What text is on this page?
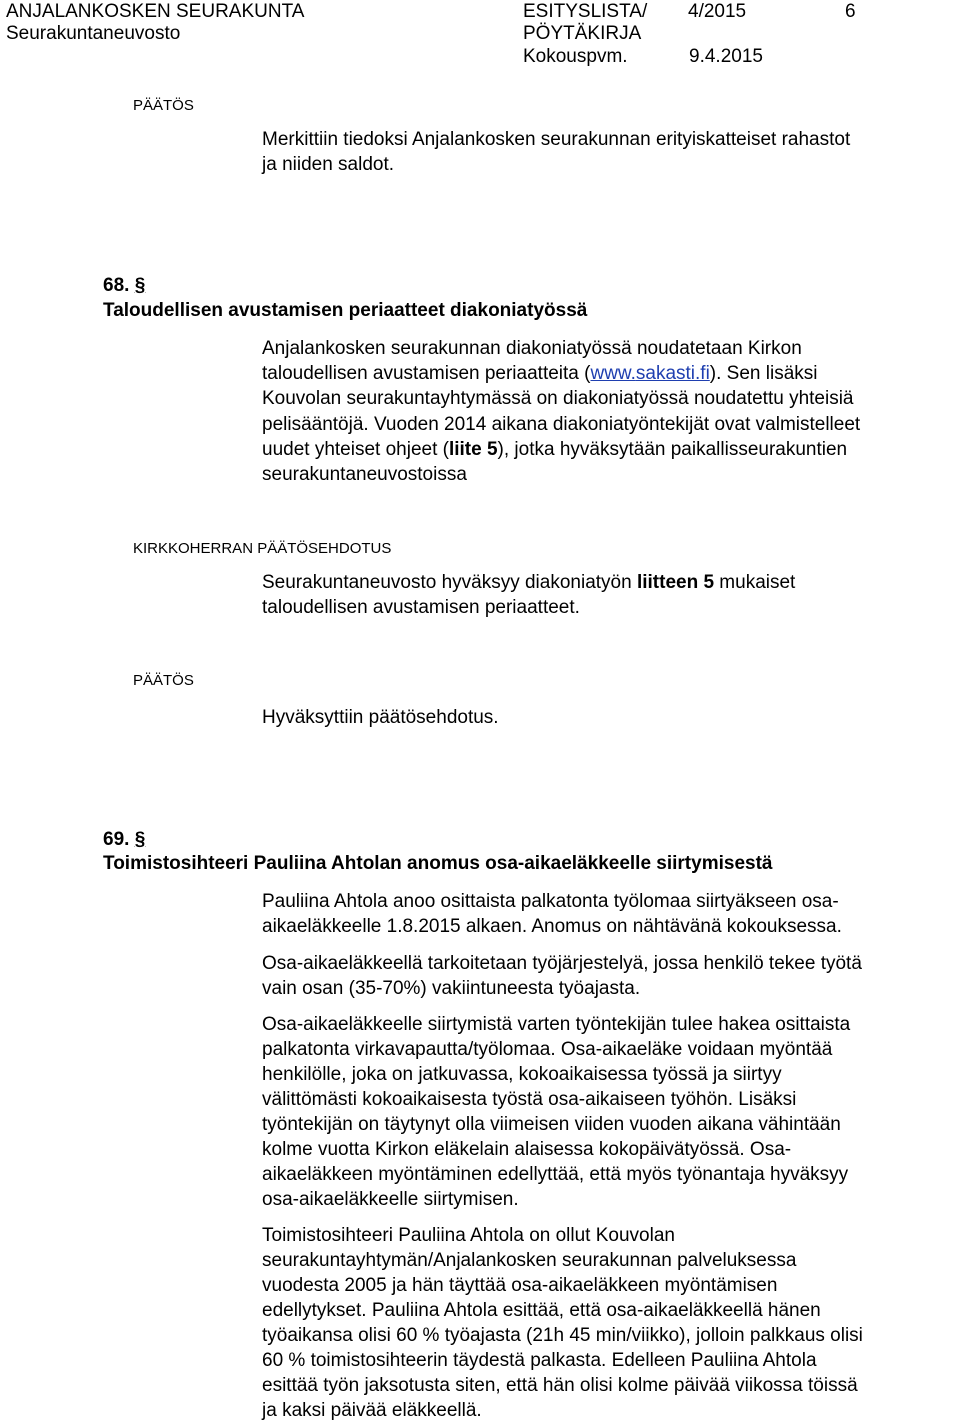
ANJALANKOSKEN SEURAKUNTA
Seurakuntaneuvosto
ESITYSLISTA/
PÖYTÄKIRJA
4/2015	6
Kokouspvm.	9.4.2015
PÄÄTÖS
Merkittiin tiedoksi Anjalankosken seurakunnan erityiskatteiset rahastot
ja niiden saldot.
68. §
Taloudellisen avustamisen periaatteet diakoniatyössä
Anjalankosken seurakunnan diakoniatyössä noudatetaan Kirkon
taloudellisen avustamisen periaatteita (www.sakasti.fi). Sen lisäksi
Kouvolan seurakuntayhtymässä on diakoniatyössä noudatettu yhteisiä
pelisääntöjä. Vuoden 2014 aikana diakoniatyöntekijät ovat valmistelleet
uudet yhteiset ohjeet (liite 5), jotka hyväksytään paikallisseurakuntien
seurakuntaneuvostoissa
KIRKKOHERRAN PÄÄTÖSEHDOTUS
Seurakuntaneuvosto hyväksyy diakoniatyön liitteen 5 mukaiset
taloudellisen avustamisen periaatteet.
PÄÄTÖS
Hyväksyttiin päätösehdotus.
69. §
Toimistosihteeri Pauliina Ahtolan anomus osa-aikaeläkkeelle siirtymisestä
Pauliina Ahtola anoo osittaista palkatonta työlomaa siirtyäkseen osa-
aikaeläkkeelle 1.8.2015 alkaen. Anomus on nähtävänä kokouksessa.
Osa-aikaeläkkeellä tarkoitetaan työjärjestelyä, jossa henkilö tekee työtä
vain osan (35-70%) vakiintuneesta työajasta.
Osa-aikaeläkkeelle siirtymistä varten työntekijän tulee hakea osittaista
palkatonta virkavapautta/työlomaa. Osa-aikaeläke voidaan myöntää
henkilölle, joka on jatkuvassa, kokoaikaisessa työssä ja siirtyy
välittömästi kokoaikaisesta työstä osa-aikaiseen työhön. Lisäksi
työntekijän on täytynyt olla viimeisen viiden vuoden aikana vähintään
kolme vuotta Kirkon eläkelain alaisessa kokopäivätyössä. Osa-
aikaeläkkeen myöntäminen edellyttää, että myös työnantaja hyväksyy
osa-aikaeläkkeelle siirtymisen.
Toimistosihteeri Pauliina Ahtola on ollut Kouvolan
seurakuntayhtymän/Anjalankosken seurakunnan palveluksessa
vuodesta 2005 ja hän täyttää osa-aikaeläkkeen myöntämisen
edellytykset. Pauliina Ahtola esittää, että osa-aikaeläkkeellä hänen
työaikansa olisi 60 % työajasta (21h 45 min/viikko), jolloin palkkaus olisi
60 % toimistosihteerin täydestä palkasta. Edelleen Pauliina Ahtola
esittää työn jaksotusta siten, että hän olisi kolme päivää viikossa töissä
ja kaksi päivää eläkkeellä.
